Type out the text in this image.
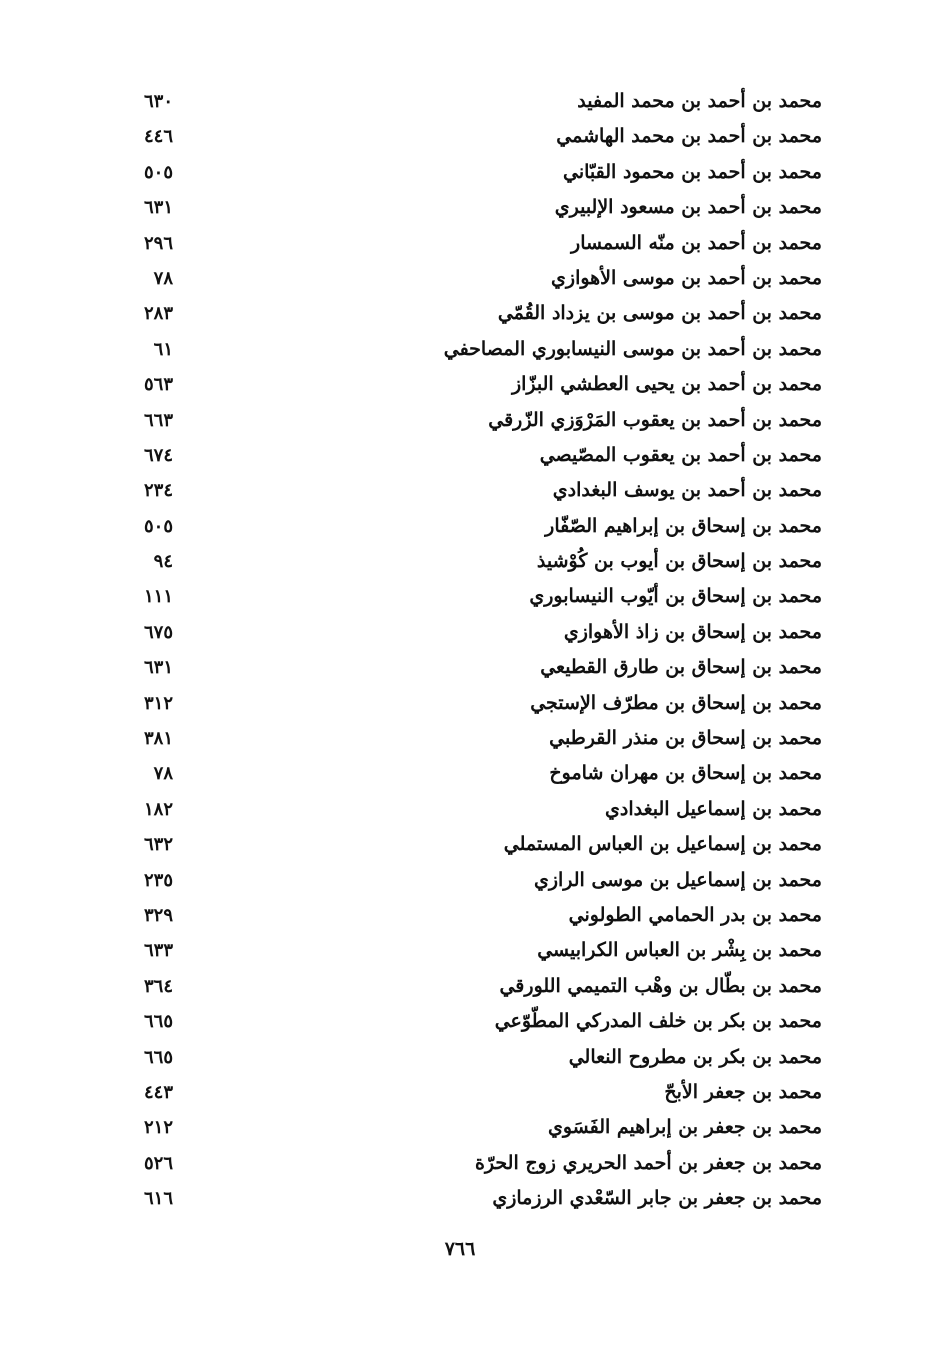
محمد بن أحمد بن محمد المفيد
٦٣٠
محمد بن أحمد بن محمد الهاشمي
٤٤٦
محمد بن أحمد بن محمود القبّاني
٥٠٥
محمد بن أحمد بن مسعود الإلبيري
٦٣١
محمد بن أحمد بن منّه السمسار
٢٩٦
محمد بن أحمد بن موسى الأهوازي
٧٨
محمد بن أحمد بن موسى بن يزداد القُمّي
٢٨٣
محمد بن أحمد بن موسى النيسابوري المصاحفي
٦١
محمد بن أحمد بن يحيى العطشي البزّاز
٥٦٣
محمد بن أحمد بن يعقوب المَرْوَزي الزّرقي
٦٦٣
محمد بن أحمد بن يعقوب المصّيصي
٦٧٤
محمد بن أحمد بن يوسف البغدادي
٢٣٤
محمد بن إسحاق بن إبراهيم الصّفّار
٥٠٥
محمد بن إسحاق بن أيوب بن كُوْشيذ
٩٤
محمد بن إسحاق بن أيّوب النيسابوري
١١١
محمد بن إسحاق بن زاذ الأهوازي
٦٧٥
محمد بن إسحاق بن طارق القطيعي
٦٣١
محمد بن إسحاق بن مطرّف الإستجي
٣١٢
محمد بن إسحاق بن منذر القرطبي
٣٨١
محمد بن إسحاق بن مهران شاموخ
٧٨
محمد بن إسماعيل البغدادي
١٨٢
محمد بن إسماعيل بن العباس المستملي
٦٣٢
محمد بن إسماعيل بن موسى الرازي
٢٣٥
محمد بن بدر الحمامي الطولوني
٣٢٩
محمد بن بِشْر بن العباس الكرابيسي
٦٣٣
محمد بن بطّال بن وهْب التميمي اللورقي
٣٦٤
محمد بن بكر بن خلف المدركي المطّوّعي
٦٦٥
محمد بن بكر بن مطروح النعالي
٦٦٥
محمد بن جعفر الأبحّ
٤٤٣
محمد بن جعفر بن إبراهيم الفَسَوي
٢١٢
محمد بن جعفر بن أحمد الحريري زوج الحرّة
٥٢٦
محمد بن جعفر بن جابر السّعْدي الرزمازي
٦١٦
٧٦٦
